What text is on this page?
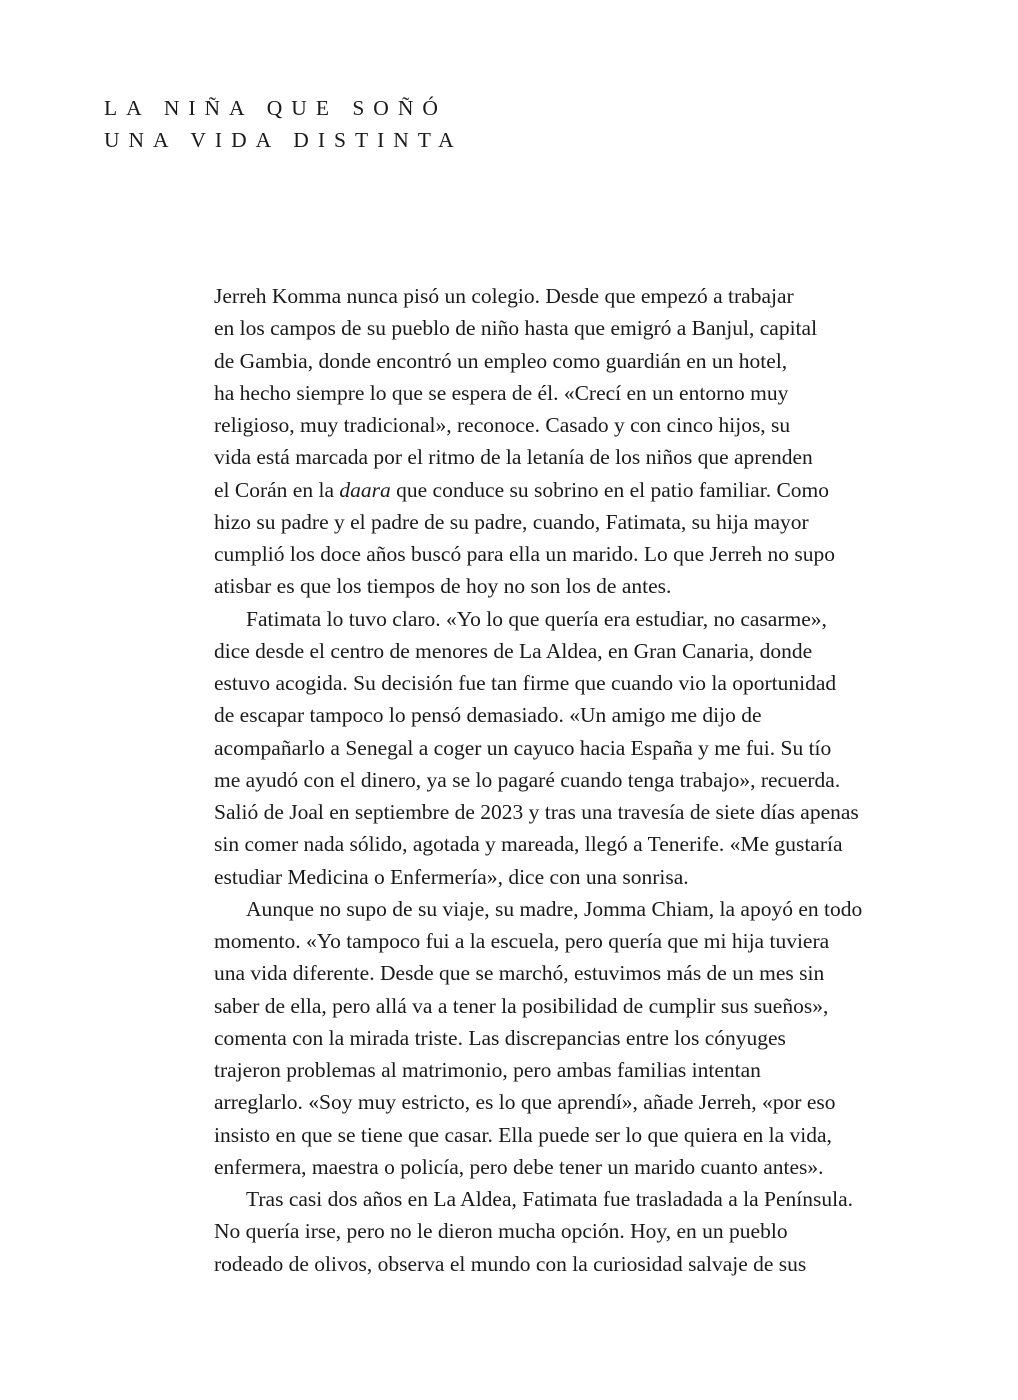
LA NIÑA QUE SOÑÓ
UNA VIDA DISTINTA
Jerreh Komma nunca pisó un colegio. Desde que empezó a trabajar
en los campos de su pueblo de niño hasta que emigró a Banjul, capital
de Gambia, donde encontró un empleo como guardián en un hotel,
ha hecho siempre lo que se espera de él. «Crecí en un entorno muy
religioso, muy tradicional», reconoce. Casado y con cinco hijos, su
vida está marcada por el ritmo de la letanía de los niños que aprenden
el Corán en la daara que conduce su sobrino en el patio familiar. Como
hizo su padre y el padre de su padre, cuando, Fatimata, su hija mayor
cumplió los doce años buscó para ella un marido. Lo que Jerreh no supo
atisbar es que los tiempos de hoy no son los de antes.
Fatimata lo tuvo claro. «Yo lo que quería era estudiar, no casarme»,
dice desde el centro de menores de La Aldea, en Gran Canaria, donde
estuvo acogida. Su decisión fue tan firme que cuando vio la oportunidad
de escapar tampoco lo pensó demasiado. «Un amigo me dijo de
acompañarlo a Senegal a coger un cayuco hacia España y me fui. Su tío
me ayudó con el dinero, ya se lo pagaré cuando tenga trabajo», recuerda.
Salió de Joal en septiembre de 2023 y tras una travesía de siete días apenas
sin comer nada sólido, agotada y mareada, llegó a Tenerife. «Me gustaría
estudiar Medicina o Enfermería», dice con una sonrisa.
Aunque no supo de su viaje, su madre, Jomma Chiam, la apoyó en todo
momento. «Yo tampoco fui a la escuela, pero quería que mi hija tuviera
una vida diferente. Desde que se marchó, estuvimos más de un mes sin
saber de ella, pero allá va a tener la posibilidad de cumplir sus sueños»,
comenta con la mirada triste. Las discrepancias entre los cónyuges
trajeron problemas al matrimonio, pero ambas familias intentan
arreglarlo. «Soy muy estricto, es lo que aprendí», añade Jerreh, «por eso
insisto en que se tiene que casar. Ella puede ser lo que quiera en la vida,
enfermera, maestra o policía, pero debe tener un marido cuanto antes».
Tras casi dos años en La Aldea, Fatimata fue trasladada a la Península.
No quería irse, pero no le dieron mucha opción. Hoy, en un pueblo
rodeado de olivos, observa el mundo con la curiosidad salvaje de sus
